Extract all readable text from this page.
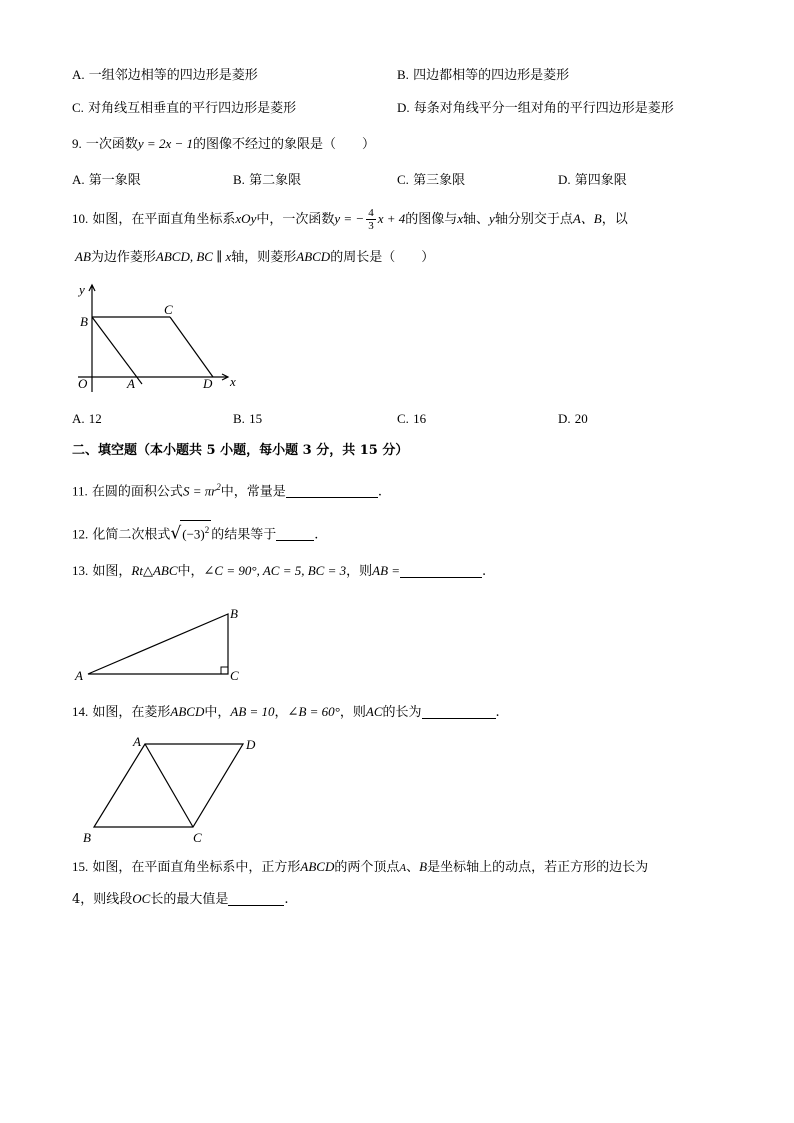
A. 一组邻边相等的四边形是菱形	B. 四边都相等的四边形是菱形
C. 对角线互相垂直的平行四边形是菱形	D. 每条对角线平分一组对角的平行四边形是菱形
9. 一次函数y = 2x − 1的图像不经过的象限是（　　）
A. 第一象限	B. 第二象限	C. 第三象限	D. 第四象限
10. 如图，在平面直角坐标系xOy中，一次函数y = − $\frac{4}{3}$ x + 4的图像与x轴、y轴分别交于点A、B，以
AB为边作菱形ABCD, BC ∥ x轴，则菱形ABCD的周长是（　　）
y
x
O	A
B
C
D
A. 12	B. 15	C. 16	D. 20
二、填空题（本小题共 5 小题，每小题 3 分，共 15 分）
11. 在圆的面积公式$S = \pi r^2$中，常量是	.
12. 化简二次根式$√(-3)^2$ 的结果等于	.
13. 如图，Rt△ABC中，∠C = 90°, AC = 5, BC = 3，则AB =	.
A
B
C
14. 如图，在菱形ABCD中，AB = 10，∠B = 60°，则AC的长为	.
A	D
B	C
15. 如图，在平面直角坐标系中，正方形ABCD的两个顶点A、B是坐标轴上的动点，若正方形的边长为
4，则线段OC长的最大值是	.
